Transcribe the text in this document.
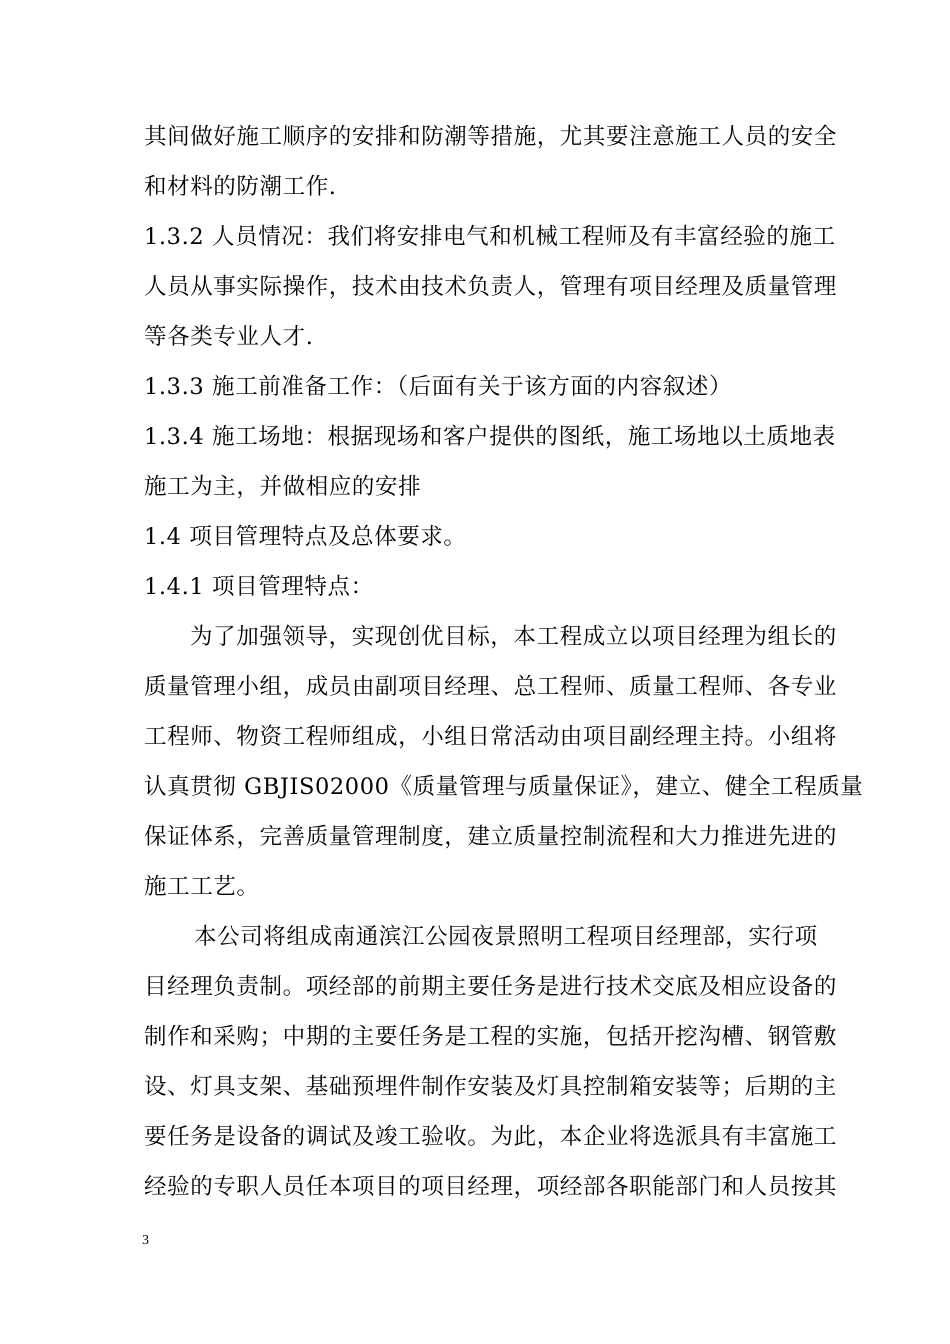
其间做好施工顺序的安排和防潮等措施，尤其要注意施工人员的安全
和材料的防潮工作.
1.3.2 人员情况：我们将安排电气和机械工程师及有丰富经验的施工
人员从事实际操作，技术由技术负责人，管理有项目经理及质量管理
等各类专业人才.
1.3.3 施工前准备工作：（后面有关于该方面的内容叙述）
1.3.4 施工场地：根据现场和客户提供的图纸，施工场地以土质地表
施工为主，并做相应的安排
1.4 项目管理特点及总体要求。
1.4.1 项目管理特点：
为了加强领导，实现创优目标，本工程成立以项目经理为组长的
质量管理小组，成员由副项目经理、总工程师、质量工程师、各专业
工程师、物资工程师组成，小组日常活动由项目副经理主持。小组将
认真贯彻 GBJIS02000《质量管理与质量保证》，建立、健全工程质量
保证体系，完善质量管理制度，建立质量控制流程和大力推进先进的
施工工艺。
本公司将组成南通滨江公园夜景照明工程项目经理部，实行项
目经理负责制。项经部的前期主要任务是进行技术交底及相应设备的
制作和采购；中期的主要任务是工程的实施，包括开挖沟槽、钢管敷
设、灯具支架、基础预埋件制作安装及灯具控制箱安装等；后期的主
要任务是设备的调试及竣工验收。为此，本企业将选派具有丰富施工
经验的专职人员任本项目的项目经理，项经部各职能部门和人员按其
3
